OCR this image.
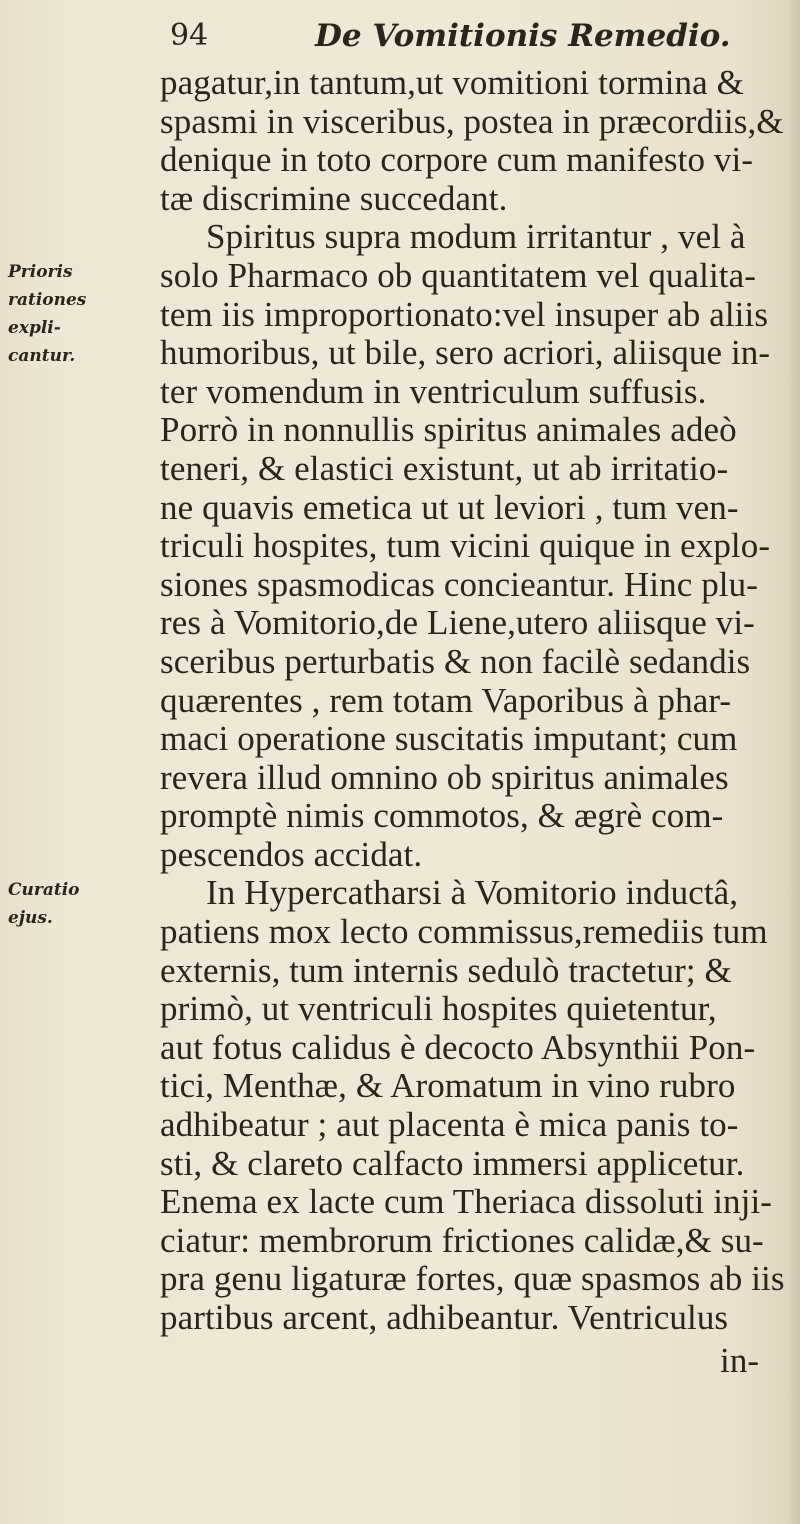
94	De Vomitionis Remedio.
Prioris
rationes
expli-
cantur.
Curatio
ejus.
pagatur,in tantum,ut vomitioni tormina &
spasmi in visceribus, postea in præcordiis,&
denique in toto corpore cum manifesto vi-
tæ discrimine succedant.
Spiritus supra modum irritantur , vel à
solo Pharmaco ob quantitatem vel qualita-
tem iis improportionato:vel insuper ab aliis
humoribus, ut bile, sero acriori, aliisque in-
ter vomendum in ventriculum suffusis.
Porrò in nonnullis spiritus animales adeò
teneri, & elastici existunt, ut ab irritatio-
ne quavis emetica ut ut leviori , tum ven-
triculi hospites, tum vicini quique in explo-
siones spasmodicas concieantur. Hinc plu-
res à Vomitorio,de Liene,utero aliisque vi-
sceribus perturbatis & non facilè sedandis
quærentes , rem totam Vaporibus à phar-
maci operatione suscitatis imputant; cum
revera illud omnino ob spiritus animales
promptè nimis commotos, & ægrè com-
pescendos accidat.
In Hypercatharsi à Vomitorio inductâ,
patiens mox lecto commissus,remediis tum
externis, tum internis sedulò tractetur; &
primò, ut ventriculi hospites quietentur,
aut fotus calidus è decocto Absynthii Pon-
tici, Menthæ, & Aromatum in vino rubro
adhibeatur ; aut placenta è mica panis to-
sti, & clareto calfacto immersi applicetur.
Enema ex lacte cum Theriaca dissoluti inji-
ciatur: membrorum frictiones calidæ,& su-
pra genu ligaturæ fortes, quæ spasmos ab iis
partibus arcent, adhibeantur. Ventriculus
in-
